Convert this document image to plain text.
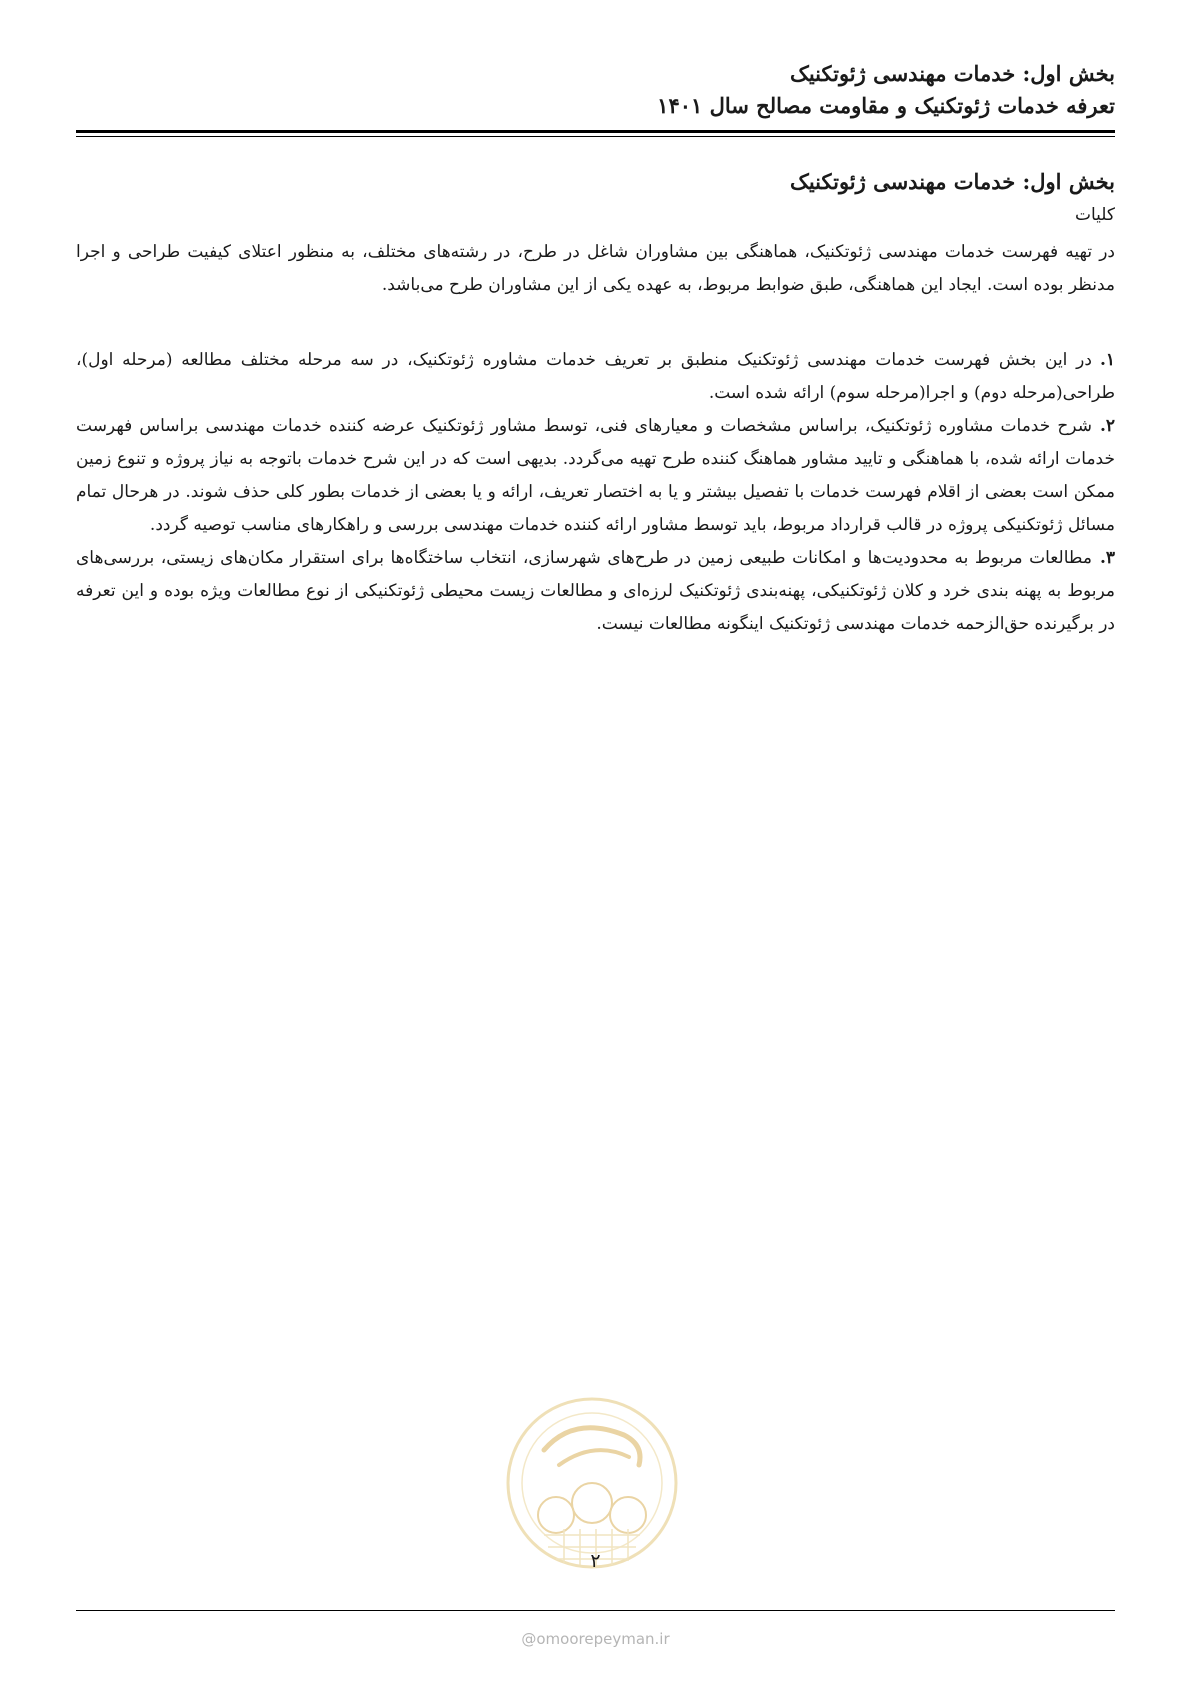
بخش اول: خدمات مهندسی ژئوتکنیک
تعرفه خدمات ژئوتکنیک و مقاومت مصالح سال ۱۴۰۱
بخش اول: خدمات مهندسی ژئوتکنیک

کلیات

در تهیه فهرست خدمات مهندسی ژئوتکنیک، هماهنگی بین مشاوران شاغل در طرح، در رشته‌های مختلف، به منظور اعتلای کیفیت طراحی و اجرا مدنظر بوده است. ایجاد این هماهنگی، طبق ضوابط مربوط، به عهده یکی از این مشاوران طرح می‌باشد.

۱.در این بخش فهرست خدمات مهندسی ژئوتکنیک منطبق بر تعریف خدمات مشاوره ژئوتکنیک، در سه مرحله مختلف مطالعه (مرحله اول)، طراحی(مرحله دوم) و اجرا(مرحله سوم) ارائه شده است.

۲.شرح خدمات مشاوره ژئوتکنیک، براساس مشخصات و معیارهای فنی، توسط مشاور ژئوتکنیک عرضه کننده خدمات مهندسی براساس فهرست خدمات ارائه شده، با هماهنگی و تایید مشاور هماهنگ کننده طرح تهیه می‌گردد. بدیهی است که در این شرح خدمات باتوجه به نیاز پروژه و تنوع زمین ممکن است بعضی از اقلام فهرست خدمات با تفصیل بیشتر و یا به اختصار تعریف، ارائه و یا بعضی از خدمات بطور کلی حذف شوند. در هرحال تمام مسائل ژئوتکنیکی پروژه در قالب قرارداد مربوط، باید توسط مشاور ارائه کننده خدمات مهندسی بررسی و راهکارهای مناسب توصیه گردد.

۳.مطالعات مربوط به محدودیت‌ها و امکانات طبیعی زمین در طرح‌های شهرسازی، انتخاب ساختگاه‌ها برای استقرار مکان‌های زیستی، بررسی‌های مربوط به پهنه بندی خرد و کلان ژئوتکنیکی، پهنه‌بندی ژئوتکنیک لرزه‌ای و مطالعات زیست محیطی ژئوتکنیکی از نوع مطالعات ویژه بوده و این تعرفه در برگیرنده حق‌الزحمه خدمات مهندسی ژئوتکنیک اینگونه مطالعات نیست.

۲
@omoorepeyman.ir
